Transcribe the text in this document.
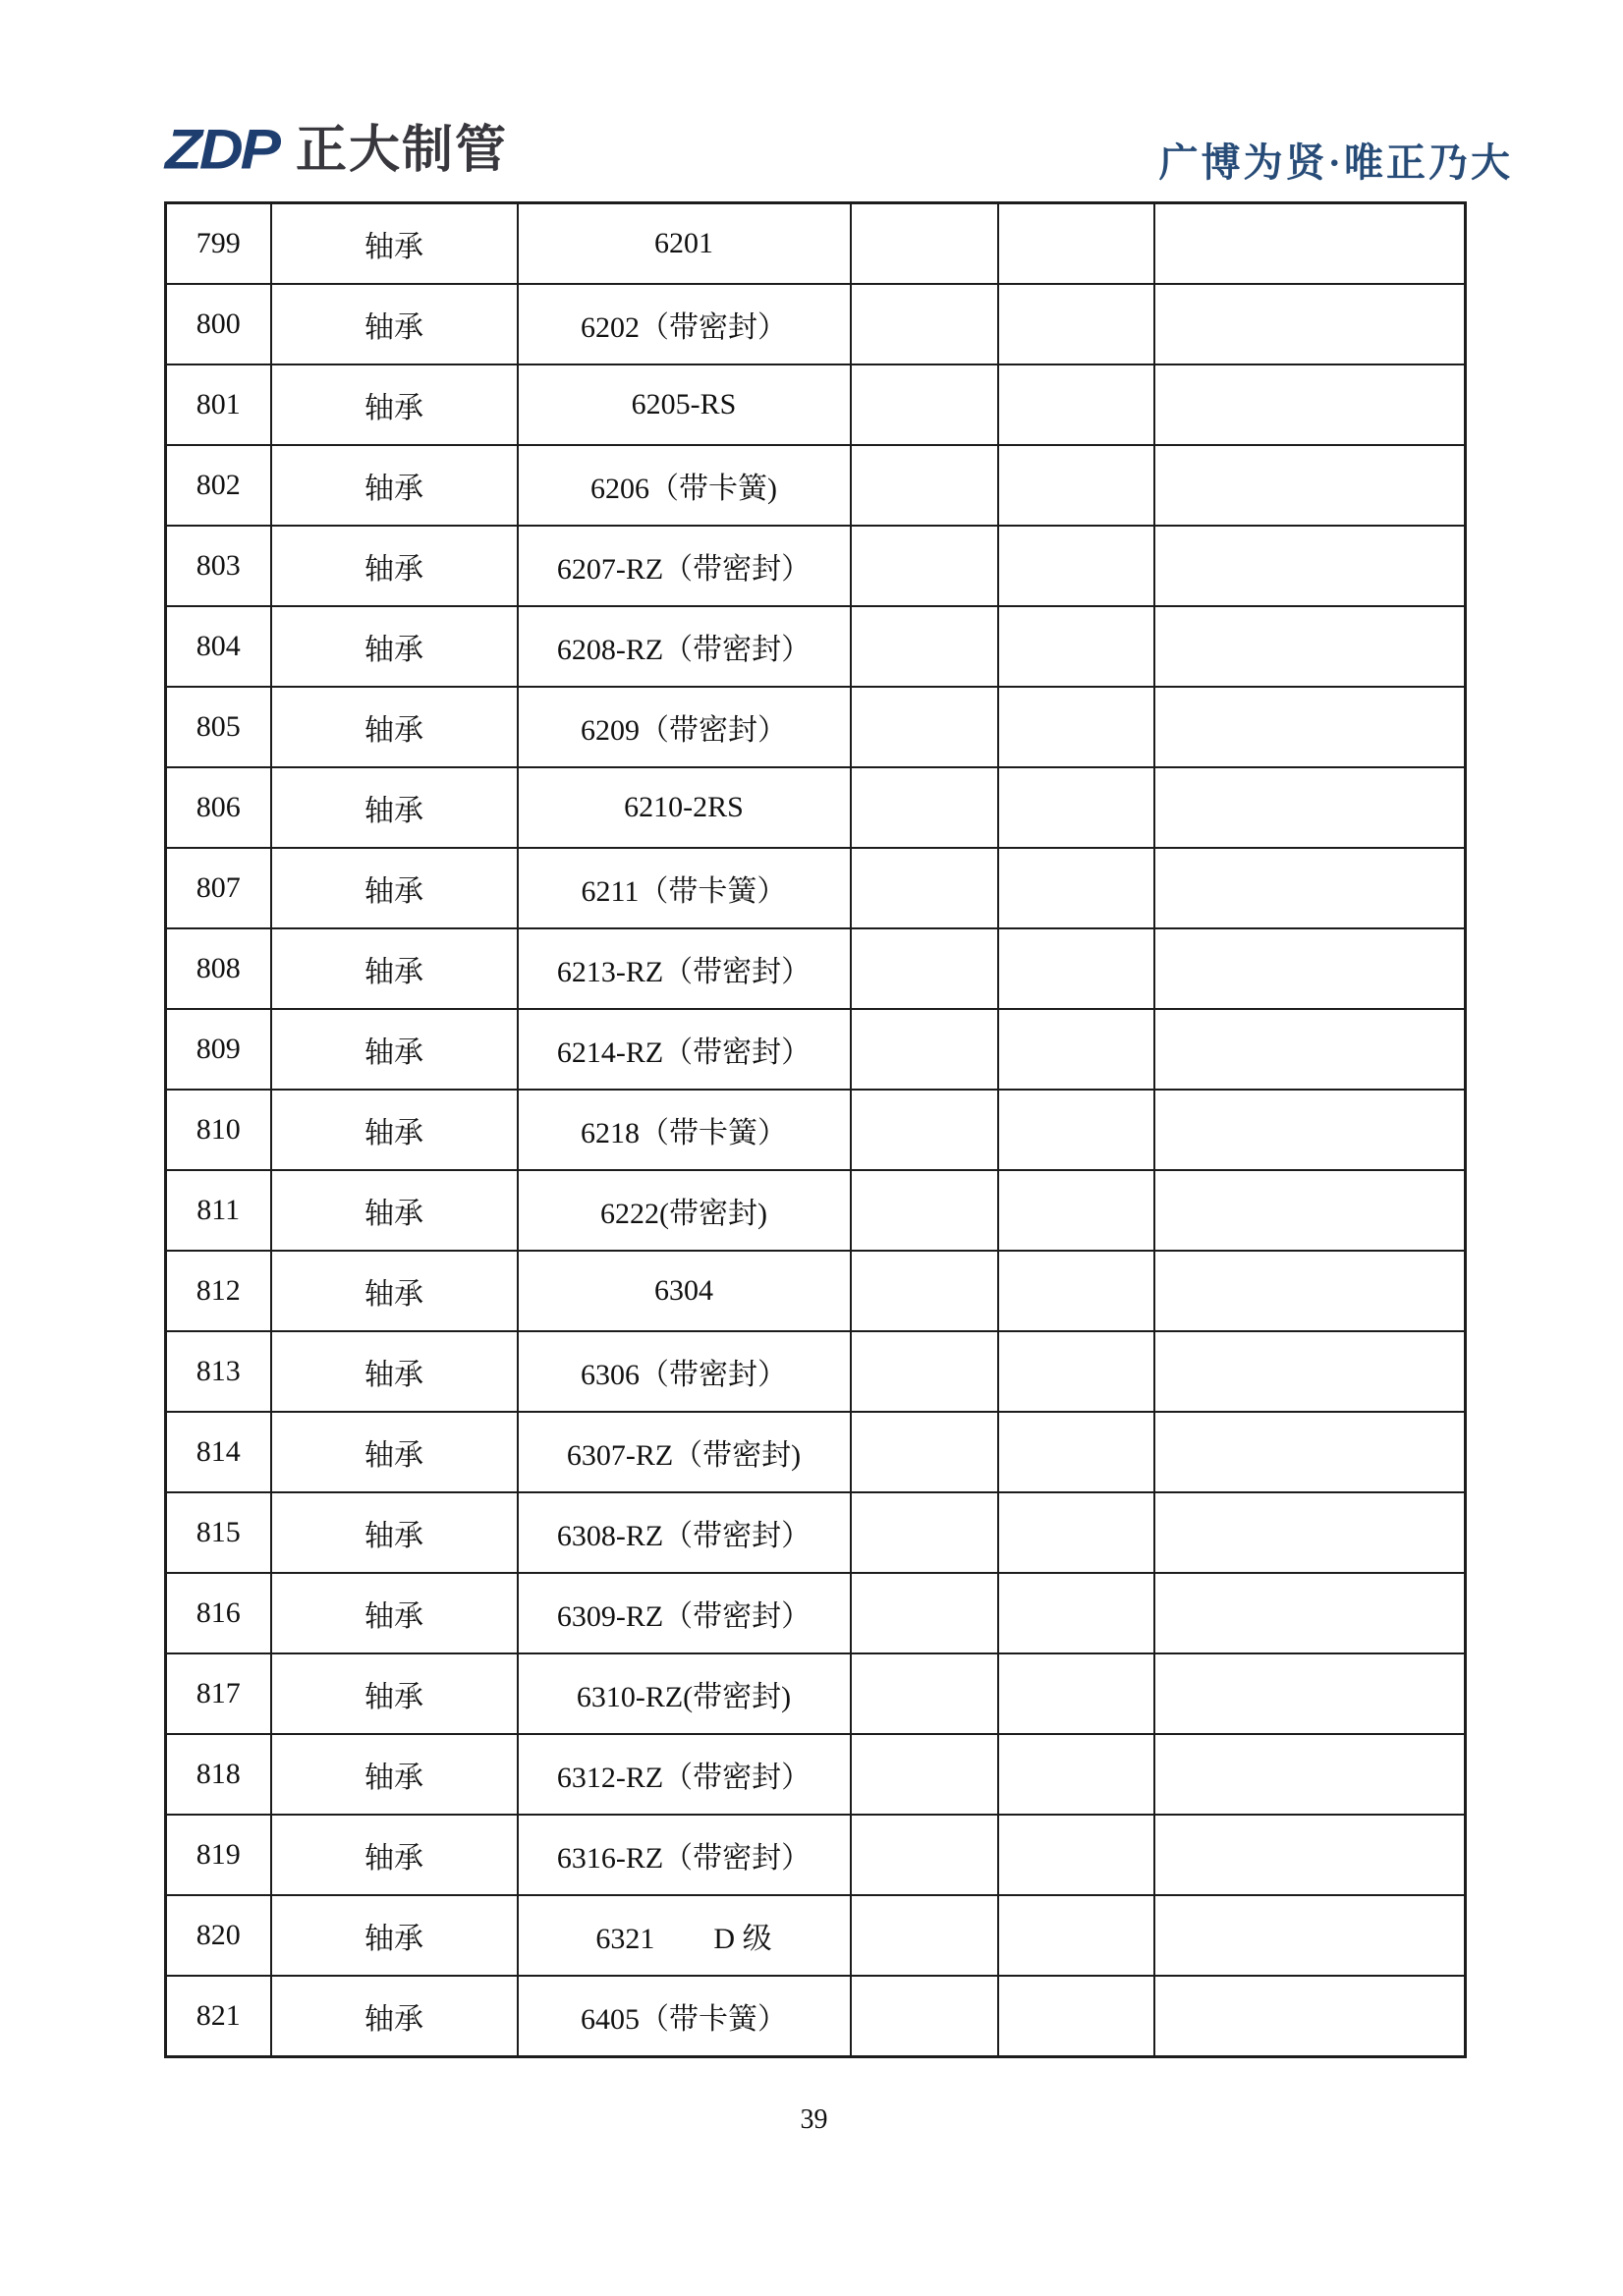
ZDP 正大制管	广博为贤·唯正乃大
799	轴承	6201			
800	轴承	6202（带密封）			
801	轴承	6205-RS			
802	轴承	6206（带卡簧)			
803	轴承	6207-RZ（带密封）			
804	轴承	6208-RZ（带密封）			
805	轴承	6209（带密封）			
806	轴承	6210-2RS			
807	轴承	6211（带卡簧）			
808	轴承	6213-RZ（带密封）			
809	轴承	6214-RZ（带密封）			
810	轴承	6218（带卡簧）			
811	轴承	6222(带密封)			
812	轴承	6304			
813	轴承	6306（带密封）			
814	轴承	6307-RZ（带密封)			
815	轴承	6308-RZ（带密封）			
816	轴承	6309-RZ（带密封）			
817	轴承	6310-RZ(带密封)			
818	轴承	6312-RZ（带密封）			
819	轴承	6316-RZ（带密封）			
820	轴承	6321　　D 级			
821	轴承	6405（带卡簧）			
39
